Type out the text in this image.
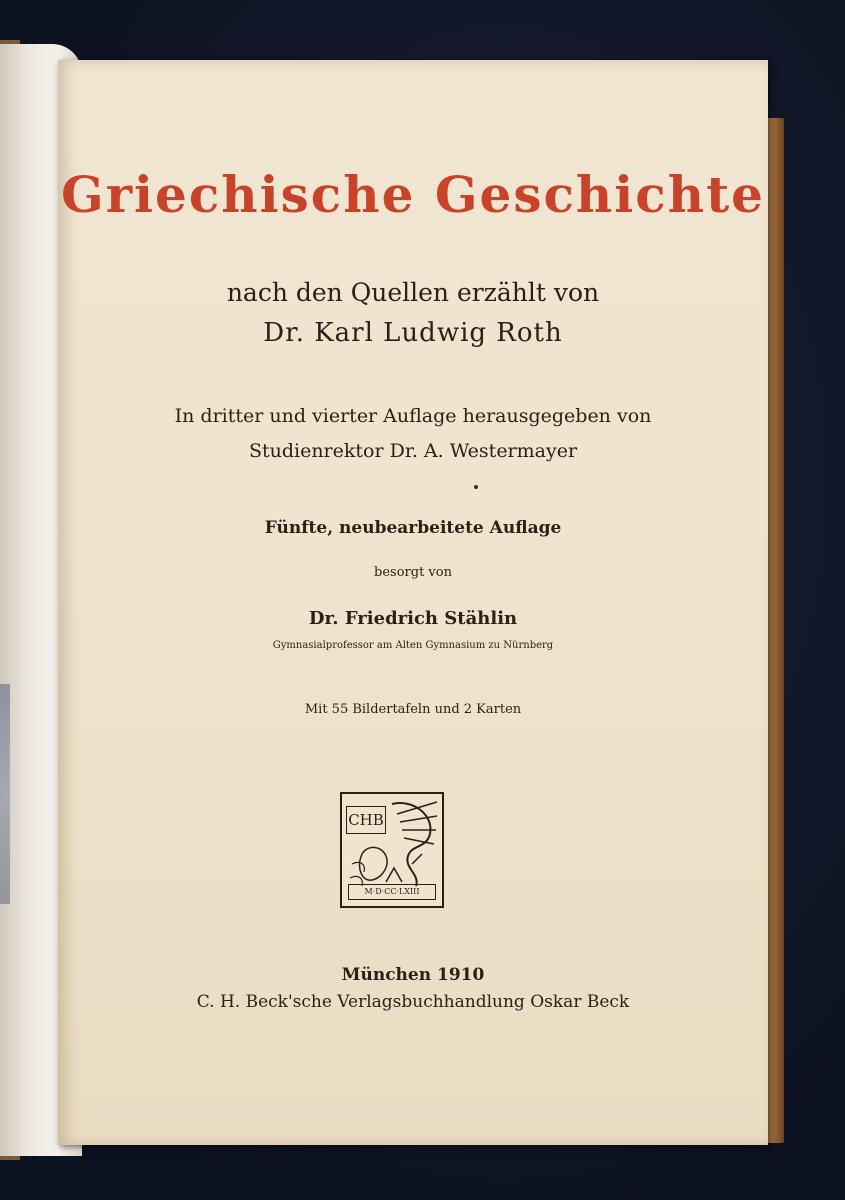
Griechische Geschichte
nach den Quellen erzählt von
Dr. Karl Ludwig Roth
In dritter und vierter Auflage herausgegeben von
Studienrektor Dr. A. Westermayer
Fünfte, neubearbeitete Auflage
besorgt von
Dr. Friedrich Stählin
Gymnasialprofessor am Alten Gymnasium zu Nürnberg
Mit 55 Bildertafeln und 2 Karten
CHB
M·D·CC·LXIII
München 1910
C. H. Beck'sche Verlagsbuchhandlung Oskar Beck
